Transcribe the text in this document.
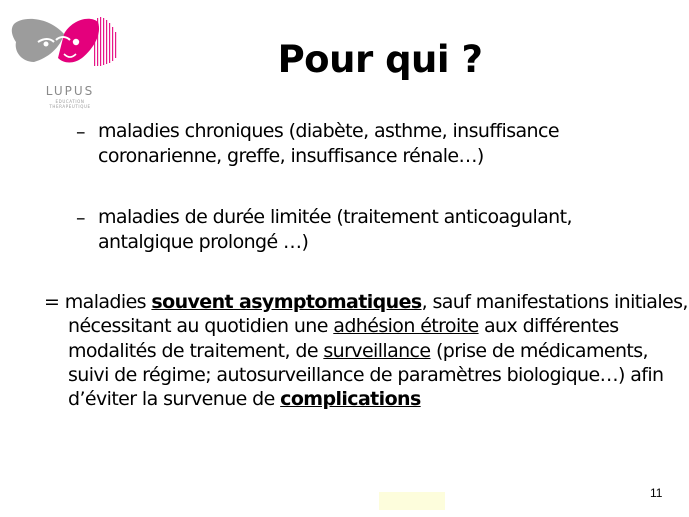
LUPUS
EDUCATION
THERAPEUTIQUE
Pour qui ?
– maladies chroniques (diabète, asthme, insuffisance
coronarienne, greffe, insuffisance rénale…)
– maladies de durée limitée (traitement anticoagulant,
antalgique prolongé …)
= maladies souvent asymptomatiques, sauf manifestations initiales, nécessitant au quotidien une adhésion étroite aux différentes modalités de traitement, de surveillance (prise de médicaments, suivi de régime; autosurveillance de paramètres biologique…) afin d’éviter la survenue de complications
11
